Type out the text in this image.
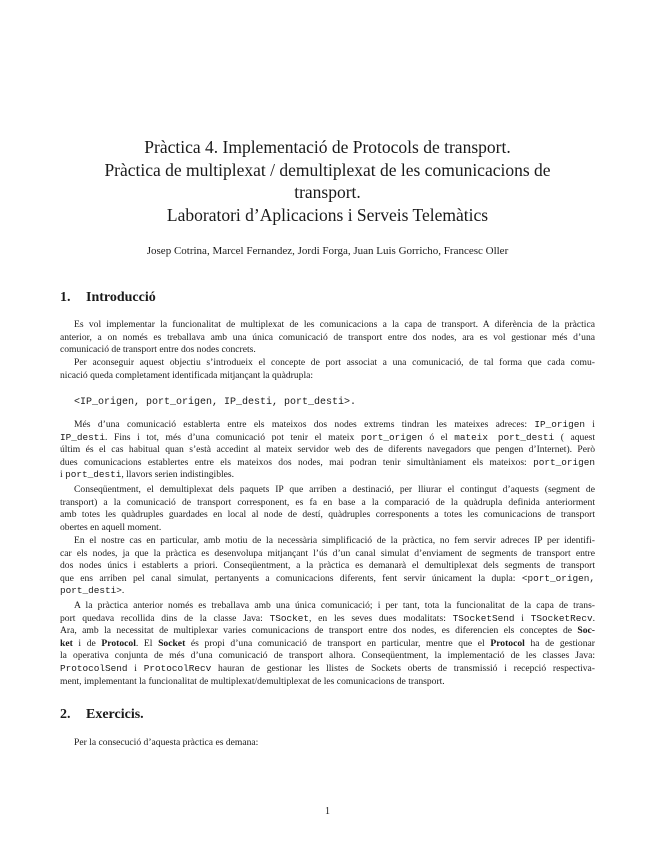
Pràctica 4. Implementació de Protocols de transport.
Pràctica de multiplexat / demultiplexat de les comunicacions de
transport.
Laboratori d’Aplicacions i Serveis Telemàtics
Josep Cotrina, Marcel Fernandez, Jordi Forga, Juan Luis Gorricho, Francesc Oller
1. Introducció
Es vol implementar la funcionalitat de multiplexat de les comunicacions a la capa de transport. A diferència de la pràctica
anterior, a on només es treballava amb una única comunicació de transport entre dos nodes, ara es vol gestionar més d’una
comunicació de transport entre dos nodes concrets.
Per aconseguir aquest objectiu s’introdueix el concepte de port associat a una comunicació, de tal forma que cada comu-
nicació queda completament identificada mitjançant la quàdrupla:
<IP_origen, port_origen, IP_desti, port_desti>.
Més d’una comunicació establerta entre els mateixos dos nodes extrems tindran les mateixes adreces: IP_origen i
IP_desti. Fins i tot, més d’una comunicació pot tenir el mateix port_origen ó el mateix port_desti ( aquest
últim és el cas habitual quan s’està accedint al mateix servidor web des de diferents navegadors que pengen d’Internet). Però
dues comunicacions establertes entre els mateixos dos nodes, mai podran tenir simultàniament els mateixos: port_origen
i port_desti, llavors serien indistingibles.
Conseqüentment, el demultiplexat dels paquets IP que arriben a destinació, per lliurar el contingut d’aquests (segment de
transport) a la comunicació de transport corresponent, es fa en base a la comparació de la quàdrupla definida anteriorment
amb totes les quàdruples guardades en local al node de destí, quàdruples corresponents a totes les comunicacions de transport
obertes en aquell moment.
En el nostre cas en particular, amb motiu de la necessària simplificació de la pràctica, no fem servir adreces IP per identifi-
car els nodes, ja que la pràctica es desenvolupa mitjançant l’ús d’un canal simulat d’enviament de segments de transport entre
dos nodes únics i establerts a priori. Conseqüentment, a la pràctica es demanarà el demultiplexat dels segments de transport
que ens arriben pel canal simulat, pertanyents a comunicacions diferents, fent servir únicament la dupla: <port_origen,
port_desti>.
A la pràctica anterior només es treballava amb una única comunicació; i per tant, tota la funcionalitat de la capa de trans-
port quedava recollida dins de la classe Java: TSocket, en les seves dues modalitats: TSocketSend i TSocketRecv.
Ara, amb la necessitat de multiplexar varies comunicacions de transport entre dos nodes, es diferencien els conceptes de Soc-
ket i de Protocol. El Socket és propi d’una comunicació de transport en particular, mentre que el Protocol ha de gestionar
la operativa conjunta de més d’una comunicació de transport alhora. Conseqüentment, la implementació de les classes Java:
ProtocolSend i ProtocolRecv hauran de gestionar les llistes de Sockets oberts de transmissió i recepció respectiva-
ment, implementant la funcionalitat de multiplexat/demultiplexat de les comunicacions de transport.
2. Exercicis.
Per la consecució d’aquesta pràctica es demana:
1
